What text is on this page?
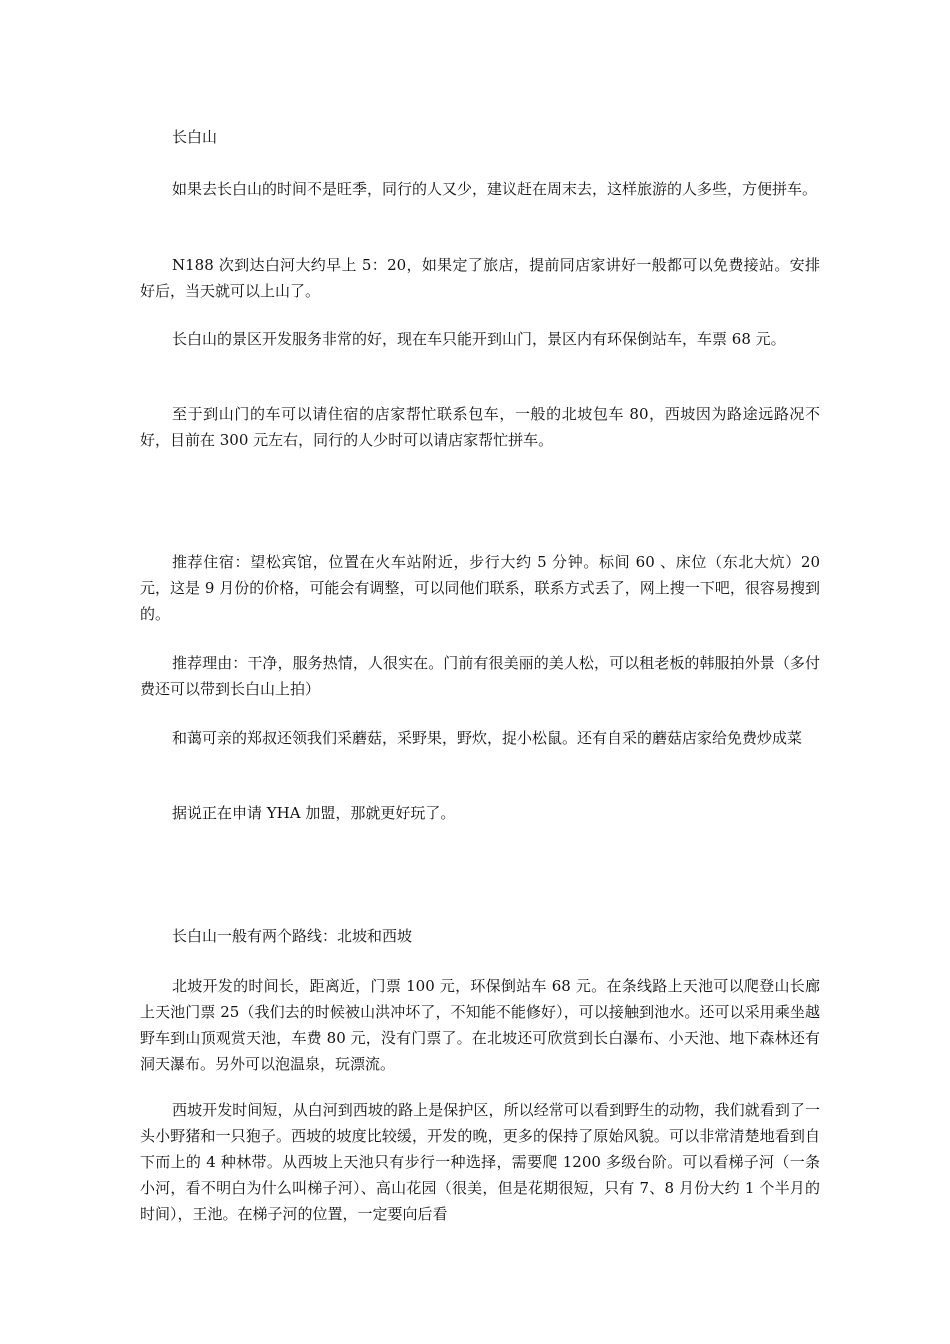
长白山

如果去长白山的时间不是旺季，同行的人又少，建议赶在周末去，这样旅游的人多些，方便拼车。

N188 次到达白河大约早上 5：20，如果定了旅店，提前同店家讲好一般都可以免费接站。安排好后，当天就可以上山了。

长白山的景区开发服务非常的好，现在车只能开到山门，景区内有环保倒站车，车票 68 元。

至于到山门的车可以请住宿的店家帮忙联系包车，一般的北坡包车 80，西坡因为路途远路况不好，目前在 300 元左右，同行的人少时可以请店家帮忙拼车。

推荐住宿：望松宾馆，位置在火车站附近，步行大约 5 分钟。标间 60 、床位（东北大炕）20 元，这是 9 月份的价格，可能会有调整，可以同他们联系，联系方式丢了，网上搜一下吧，很容易搜到的。

推荐理由：干净，服务热情，人很实在。门前有很美丽的美人松，可以租老板的韩服拍外景（多付费还可以带到长白山上拍）

和蔼可亲的郑叔还领我们采蘑菇，采野果，野炊，捉小松鼠。还有自采的蘑菇店家给免费炒成菜

据说正在申请 YHA 加盟，那就更好玩了。

长白山一般有两个路线：北坡和西坡

北坡开发的时间长，距离近，门票 100 元，环保倒站车 68 元。在条线路上天池可以爬登山长廊上天池门票 25（我们去的时候被山洪冲坏了，不知能不能修好），可以接触到池水。还可以采用乘坐越野车到山顶观赏天池，车费 80 元，没有门票了。在北坡还可欣赏到长白瀑布、小天池、地下森林还有洞天瀑布。另外可以泡温泉，玩漂流。

西坡开发时间短，从白河到西坡的路上是保护区，所以经常可以看到野生的动物，我们就看到了一头小野猪和一只狍子。西坡的坡度比较缓，开发的晚，更多的保持了原始风貌。可以非常清楚地看到自下而上的 4 种林带。从西坡上天池只有步行一种选择，需要爬 1200 多级台阶。可以看梯子河（一条小河，看不明白为什么叫梯子河）、高山花园（很美，但是花期很短，只有 7、8 月份大约 1 个半月的时间），王池。在梯子河的位置，一定要向后看
